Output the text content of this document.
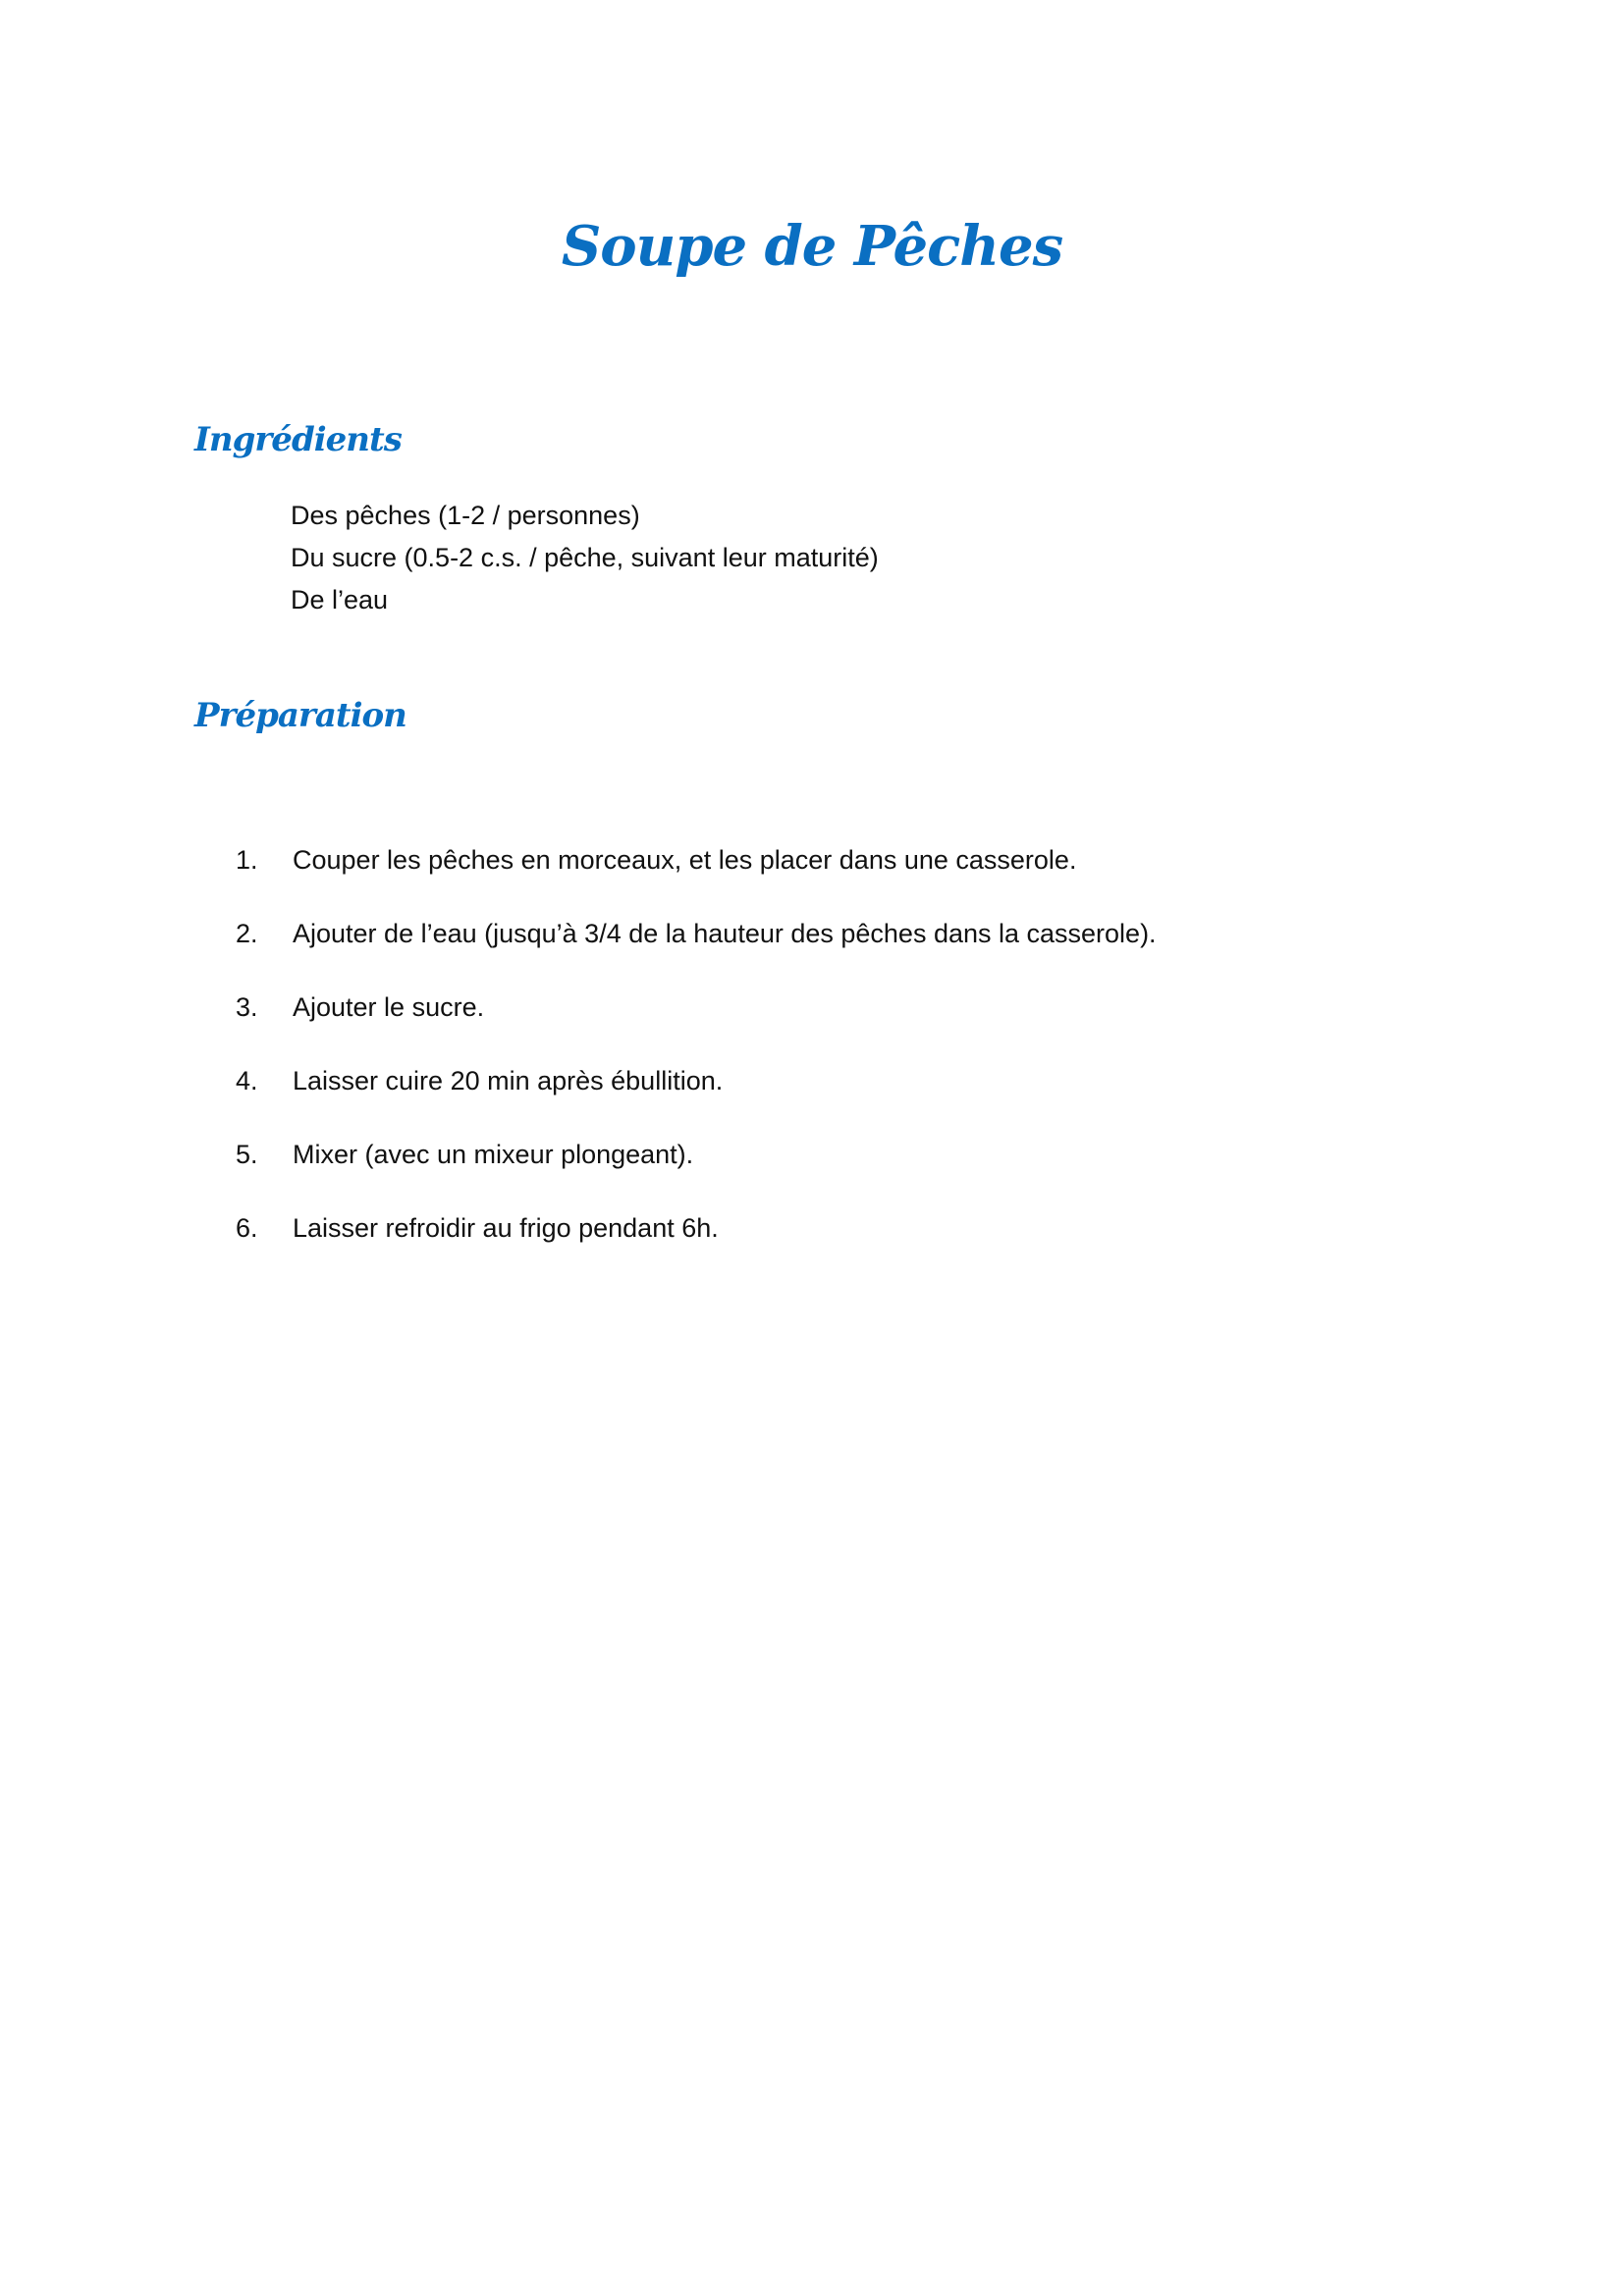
Soupe de Pêches
Ingrédients
Des pêches (1-2 / personnes)
Du sucre (0.5-2 c.s. / pêche, suivant leur maturité)
De l’eau
Préparation
1. Couper les pêches en morceaux, et les placer dans une casserole.
2. Ajouter de l’eau (jusqu’à 3/4 de la hauteur des pêches dans la casserole).
3. Ajouter le sucre.
4. Laisser cuire 20 min après ébullition.
5. Mixer (avec un mixeur plongeant).
6. Laisser refroidir au frigo pendant 6h.
